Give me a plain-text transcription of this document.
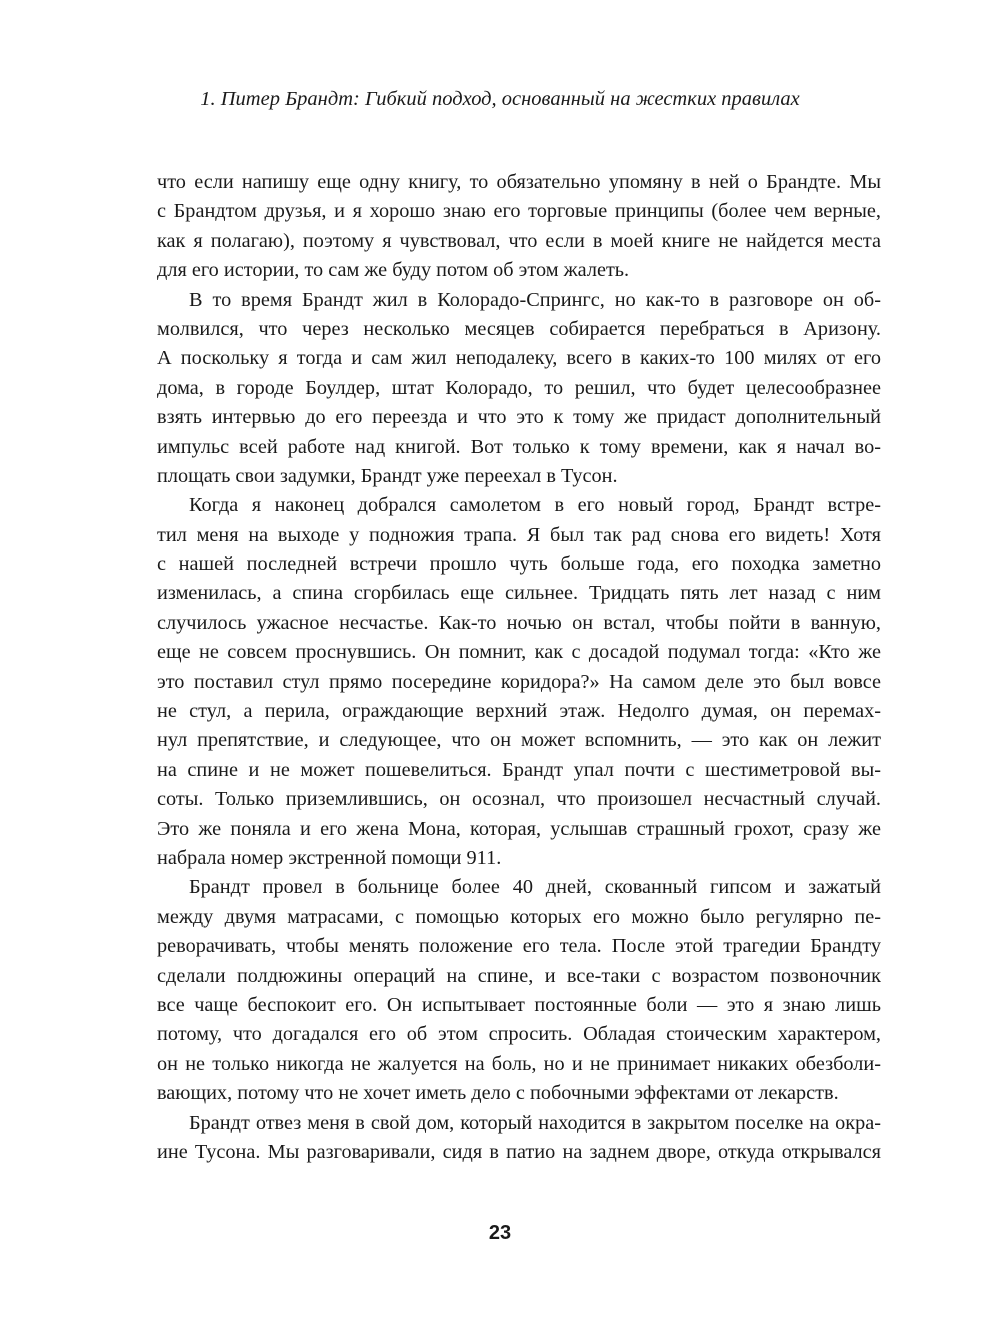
1. Питер Брандт: Гибкий подход, основанный на жестких правилах
что если напишу еще одну книгу, то обязательно упомяну в ней о Брандте. Мы
с Брандтом друзья, и я хорошо знаю его торговые принципы (более чем верные,
как я полагаю), поэтому я чувствовал, что если в моей книге не найдется места
для его истории, то сам же буду потом об этом жалеть.
В то время Брандт жил в Колорадо-Спрингс, но как-то в разговоре он об-
молвился, что через несколько месяцев собирается перебраться в Аризону.
А поскольку я тогда и сам жил неподалеку, всего в каких-то 100 милях от его
дома, в городе Боулдер, штат Колорадо, то решил, что будет целесообразнее
взять интервью до его переезда и что это к тому же придаст дополнительный
импульс всей работе над книгой. Вот только к тому времени, как я начал во-
площать свои задумки, Брандт уже переехал в Тусон.
Когда я наконец добрался самолетом в его новый город, Брандт встре-
тил меня на выходе у подножия трапа. Я был так рад снова его видеть! Хотя
с нашей последней встречи прошло чуть больше года, его походка заметно
изменилась, а спина сгорбилась еще сильнее. Тридцать пять лет назад с ним
случилось ужасное несчастье. Как-то ночью он встал, чтобы пойти в ванную,
еще не совсем проснувшись. Он помнит, как с досадой подумал тогда: «Кто же
это поставил стул прямо посередине коридора?» На самом деле это был вовсе
не стул, а перила, ограждающие верхний этаж. Недолго думая, он перемах-
нул препятствие, и следующее, что он может вспомнить, — это как он лежит
на спине и не может пошевелиться. Брандт упал почти с шестиметровой вы-
соты. Только приземлившись, он осознал, что произошел несчастный случай.
Это же поняла и его жена Мона, которая, услышав страшный грохот, сразу же
набрала номер экстренной помощи 911.
Брандт провел в больнице более 40 дней, скованный гипсом и зажатый
между двумя матрасами, с помощью которых его можно было регулярно пе-
реворачивать, чтобы менять положение его тела. После этой трагедии Брандту
сделали полдюжины операций на спине, и все-таки с возрастом позвоночник
все чаще беспокоит его. Он испытывает постоянные боли — это я знаю лишь
потому, что догадался его об этом спросить. Обладая стоическим характером,
он не только никогда не жалуется на боль, но и не принимает никаких обезболи-
вающих, потому что не хочет иметь дело с побочными эффектами от лекарств.
Брандт отвез меня в свой дом, который находится в закрытом поселке на окра-
ине Тусона. Мы разговаривали, сидя в патио на заднем дворе, откуда открывался
23
